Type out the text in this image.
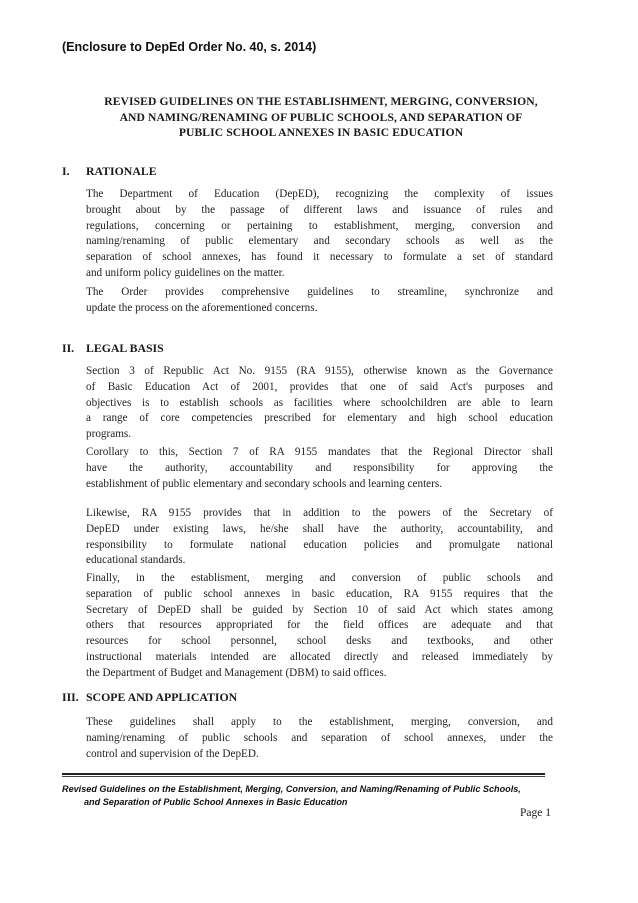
(Enclosure to DepEd Order No. 40, s. 2014)
REVISED GUIDELINES ON THE ESTABLISHMENT, MERGING, CONVERSION,
AND NAMING/RENAMING OF PUBLIC SCHOOLS, AND SEPARATION OF
PUBLIC SCHOOL ANNEXES IN BASIC EDUCATION
I. RATIONALE
The Department of Education (DepED), recognizing the complexity of issues
brought about by the passage of different laws and issuance of rules and
regulations, concerning or pertaining to establishment, merging, conversion and
naming/renaming of public elementary and secondary schools as well as the
separation of school annexes, has found it necessary to formulate a set of standard
and uniform policy guidelines on the matter.
The Order provides comprehensive guidelines to streamline, synchronize and
update the process on the aforementioned concerns.
II. LEGAL BASIS
Section 3 of Republic Act No. 9155 (RA 9155), otherwise known as the Governance
of Basic Education Act of 2001, provides that one of said Act's purposes and
objectives is to establish schools as facilities where schoolchildren are able to learn
a range of core competencies prescribed for elementary and high school education
programs.
Corollary to this, Section 7 of RA 9155 mandates that the Regional Director shall
have the authority, accountability and responsibility for approving the
establishment of public elementary and secondary schools and learning centers.
Likewise, RA 9155 provides that in addition to the powers of the Secretary of
DepED under existing laws, he/she shall have the authority, accountability, and
responsibility to formulate national education policies and promulgate national
educational standards.
Finally, in the establisment, merging and conversion of public schools and
separation of public school annexes in basic education, RA 9155 requires that the
Secretary of DepED shall be guided by Section 10 of said Act which states among
others that resources appropriated for the field offices are adequate and that
resources for school personnel, school desks and textbooks, and other
instructional materials intended are allocated directly and released immediately by
the Department of Budget and Management (DBM) to said offices.
III. SCOPE AND APPLICATION
These guidelines shall apply to the establishment, merging, conversion, and
naming/renaming of public schools and separation of school annexes, under the
control and supervision of the DepED.
Revised Guidelines on the Establishment, Merging, Conversion, and Naming/Renaming of Public Schools,
and Separation of Public School Annexes in Basic Education
Page 1
